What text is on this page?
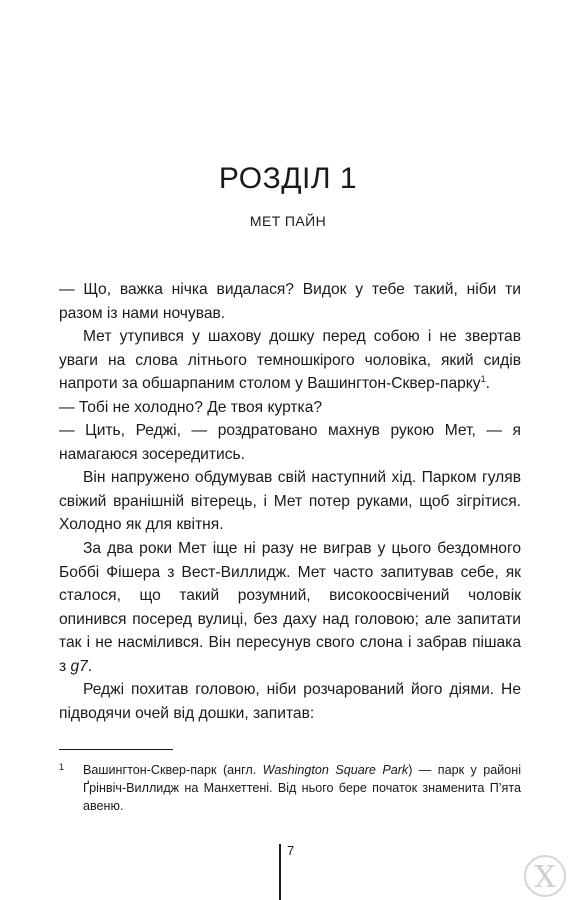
РОЗДІЛ 1
МЕТ ПАЙН

— Що, важка нічка видалася? Видок у тебе такий, ніби ти разом із нами ночував.

Мет утупився у шахову дошку перед собою і не звертав уваги на слова літнього темношкірого чоловіка, який сидів напроти за обшарпаним столом у Вашингтон-Сквер-парку$^1$.

— Тобі не холодно? Де твоя куртка?

— Цить, Реджі, — роздратовано махнув рукою Мет, — я намагаюся зосередитись.

Він напружено обдумував свій наступний хід. Парком гуляв свіжий вранішній вітерець, і Мет потер руками, щоб зігрітися. Холодно як для квітня.

За два роки Мет іще ні разу не виграв у цього бездомного Боббі Фішера з Вест-Виллидж. Мет часто запитував себе, як сталося, що такий розумний, високоосвічений чоловік опинився посеред вулиці, без даху над головою; але запитати так і не насмілився. Він пересунув свого слона і забрав пішака з g7.

Реджі похитав головою, ніби розчарований його діями. Не підводячи очей від дошки, запитав:

1 Вашингтон-Сквер-парк (англ. Washington Square Park) — парк у районі Ґрінвіч-Виллидж на Манхеттені. Від нього бере початок знаменита П’ята авеню.
7
X
